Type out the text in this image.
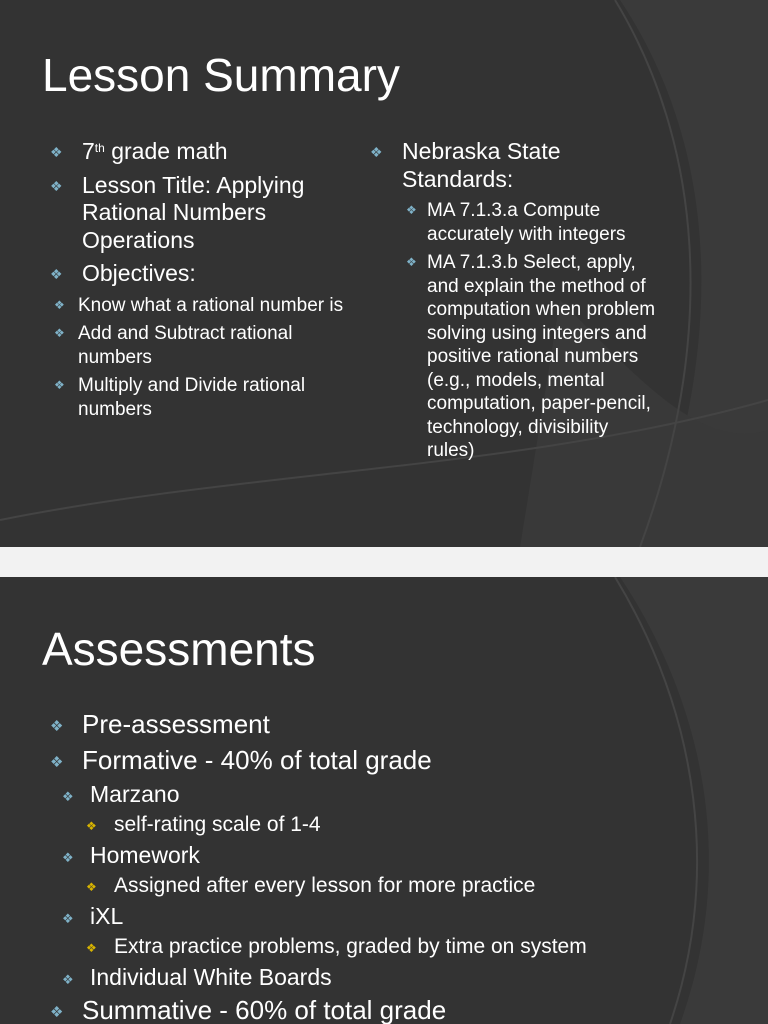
Lesson Summary
❖ 7th grade math
❖ Lesson Title: Applying Rational Numbers Operations
❖ Objectives:
❖ Know what a rational number is
❖ Add and Subtract rational numbers
❖ Multiply and Divide rational numbers
❖ Nebraska State Standards:
❖ MA 7.1.3.a Compute accurately with integers
❖ MA 7.1.3.b Select, apply, and explain the method of computation when problem solving using integers and positive rational numbers (e.g., models, mental computation, paper-pencil, technology, divisibility rules)
Assessments
❖ Pre-assessment
❖ Formative - 40% of total grade
❖ Marzano
❖ self-rating scale of 1-4
❖ Homework
❖ Assigned after every lesson for more practice
❖ iXL
❖ Extra practice problems, graded by time on system
❖ Individual White Boards
❖ Summative - 60% of total grade
